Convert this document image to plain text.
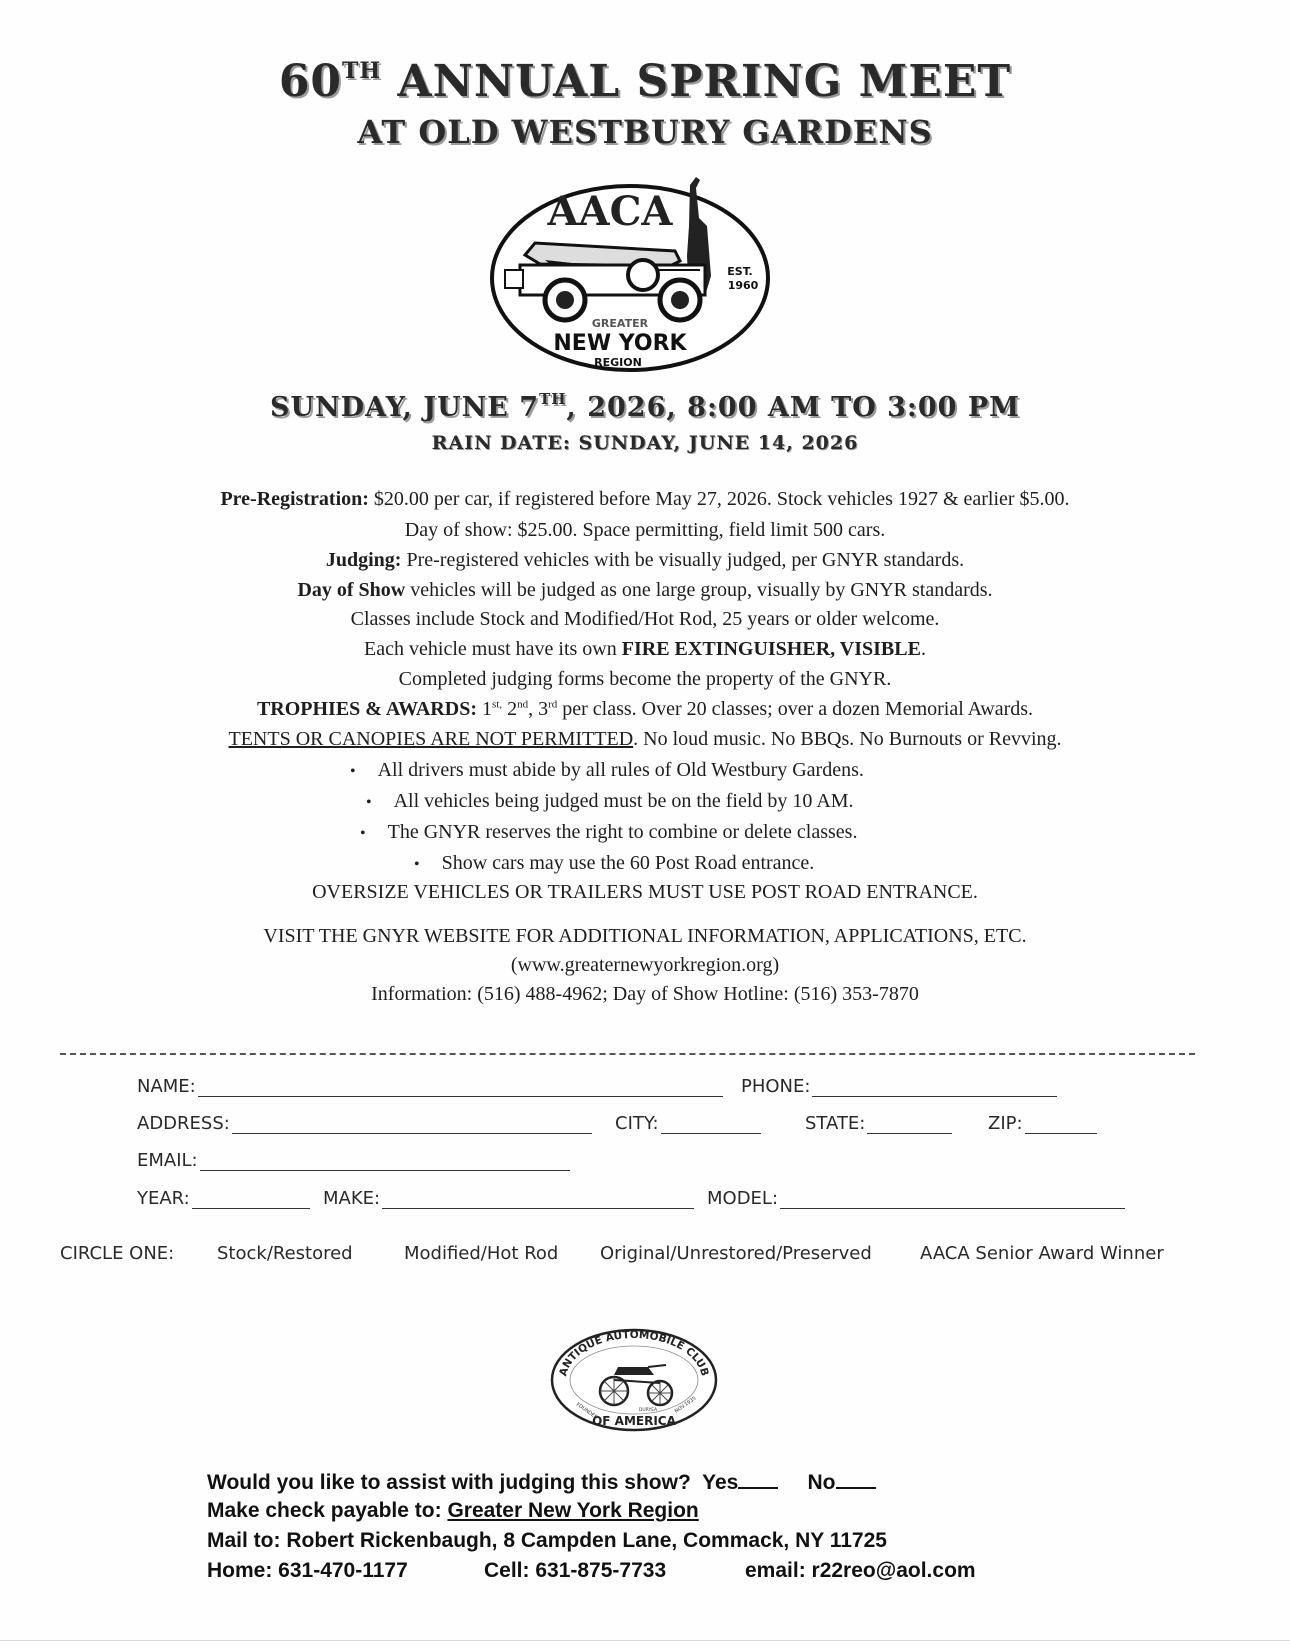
60TH ANNUAL SPRING MEET
AT OLD WESTBURY GARDENS
AACA
EST.
1960
GREATER
NEW YORK
REGION
SUNDAY, JUNE 7TH, 2026, 8:00 AM TO 3:00 PM
RAIN DATE: SUNDAY, JUNE 14, 2026
Pre-Registration: $20.00 per car, if registered before May 27, 2026. Stock vehicles 1927 & earlier $5.00.
Day of show: $25.00. Space permitting, field limit 500 cars.
Judging: Pre-registered vehicles with be visually judged, per GNYR standards.
Day of Show vehicles will be judged as one large group, visually by GNYR standards.
Classes include Stock and Modified/Hot Rod, 25 years or older welcome.
Each vehicle must have its own FIRE EXTINGUISHER, VISIBLE.
Completed judging forms become the property of the GNYR.
TROPHIES & AWARDS: $1^{st,}$ 2nd, 3rd per class. Over 20 classes; over a dozen Memorial Awards.
TENTS OR CANOPIES ARE NOT PERMITTED. No loud music. No BBQs. No Burnouts or Revving.
• All drivers must abide by all rules of Old Westbury Gardens.
• All vehicles being judged must be on the field by 10 AM.
• The GNYR reserves the right to combine or delete classes.
• Show cars may use the 60 Post Road entrance.
OVERSIZE VEHICLES OR TRAILERS MUST USE POST ROAD ENTRANCE.
VISIT THE GNYR WEBSITE FOR ADDITIONAL INFORMATION, APPLICATIONS, ETC.
(www.greaternewyorkregion.org)
Information: (516) 488-4962; Day of Show Hotline: (516) 353-7870
NAME:	PHONE:
ADDRESS:	CITY:	STATE:	ZIP:
EMAIL:
YEAR:	MAKE:	MODEL:
CIRCLE ONE: Stock/Restored	Modified/Hot Rod Original/Unrestored/Preserved	AACA Senior Award Winner
ANTIQUE AUTOMOBILE CLUB
OF AMERICA
FOUNDED	NOV.1935
DURYEA
Would you like to assist with judging this show? Yes	No
Make check payable to: Greater New York Region
Mail to: Robert Rickenbaugh, 8 Campden Lane, Commack, NY 11725
Home: 631-470-1177	Cell: 631-875-7733	email: r22reo@aol.com
